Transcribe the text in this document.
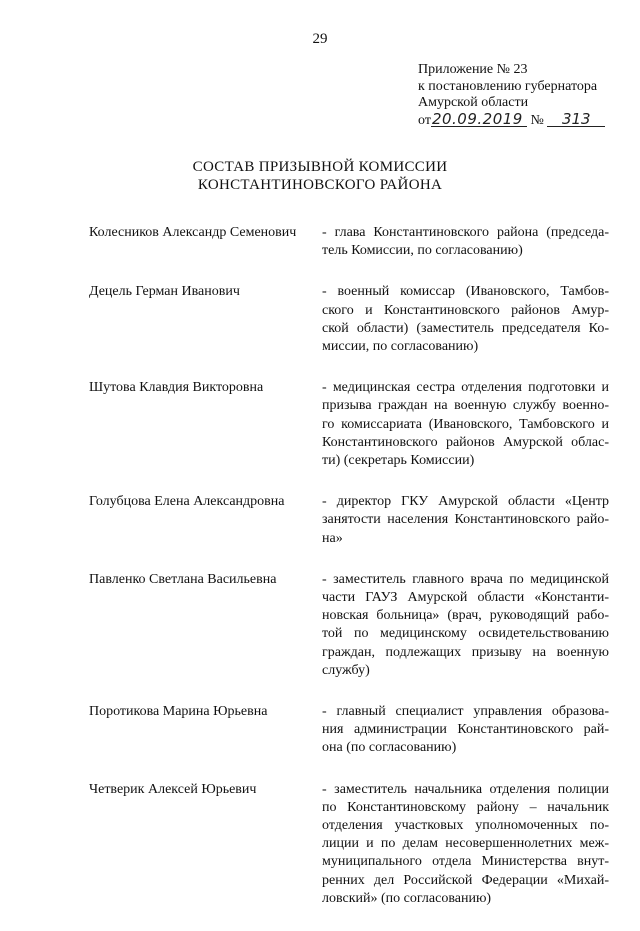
29
Приложение № 23
к постановлению губернатора
Амурской области
от20.09.2019 № 313
СОСТАВ ПРИЗЫВНОЙ КОМИССИИ
КОНСТАНТИНОВСКОГО РАЙОНА
Колесников Александр Семенович	- глава Константиновского района (председа-
тель Комиссии, по согласованию)
Децель Герман Иванович	- военный комиссар (Ивановского, Тамбов-
ского и Константиновского районов Амур-
ской области) (заместитель председателя Ко-
миссии, по согласованию)
Шутова Клавдия Викторовна	- медицинская сестра отделения подготовки и
призыва граждан на военную службу военно-
го комиссариата (Ивановского, Тамбовского и
Константиновского районов Амурской облас-
ти) (секретарь Комиссии)
Голубцова Елена Александровна	- директор ГКУ Амурской области «Центр
занятости населения Константиновского райо-
на»
Павленко Светлана Васильевна	- заместитель главного врача по медицинской
части ГАУЗ Амурской области «Константи-
новская больница» (врач, руководящий рабо-
той по медицинскому освидетельствованию
граждан, подлежащих призыву на военную
службу)
Поротикова Марина Юрьевна	- главный специалист управления образова-
ния администрации Константиновского рай-
она (по согласованию)
Четверик Алексей Юрьевич	- заместитель начальника отделения полиции
по Константиновскому району – начальник
отделения участковых уполномоченных по-
лиции и по делам несовершеннолетних меж-
муниципального отдела Министерства внут-
ренних дел Российской Федерации «Михай-
ловский» (по согласованию)
